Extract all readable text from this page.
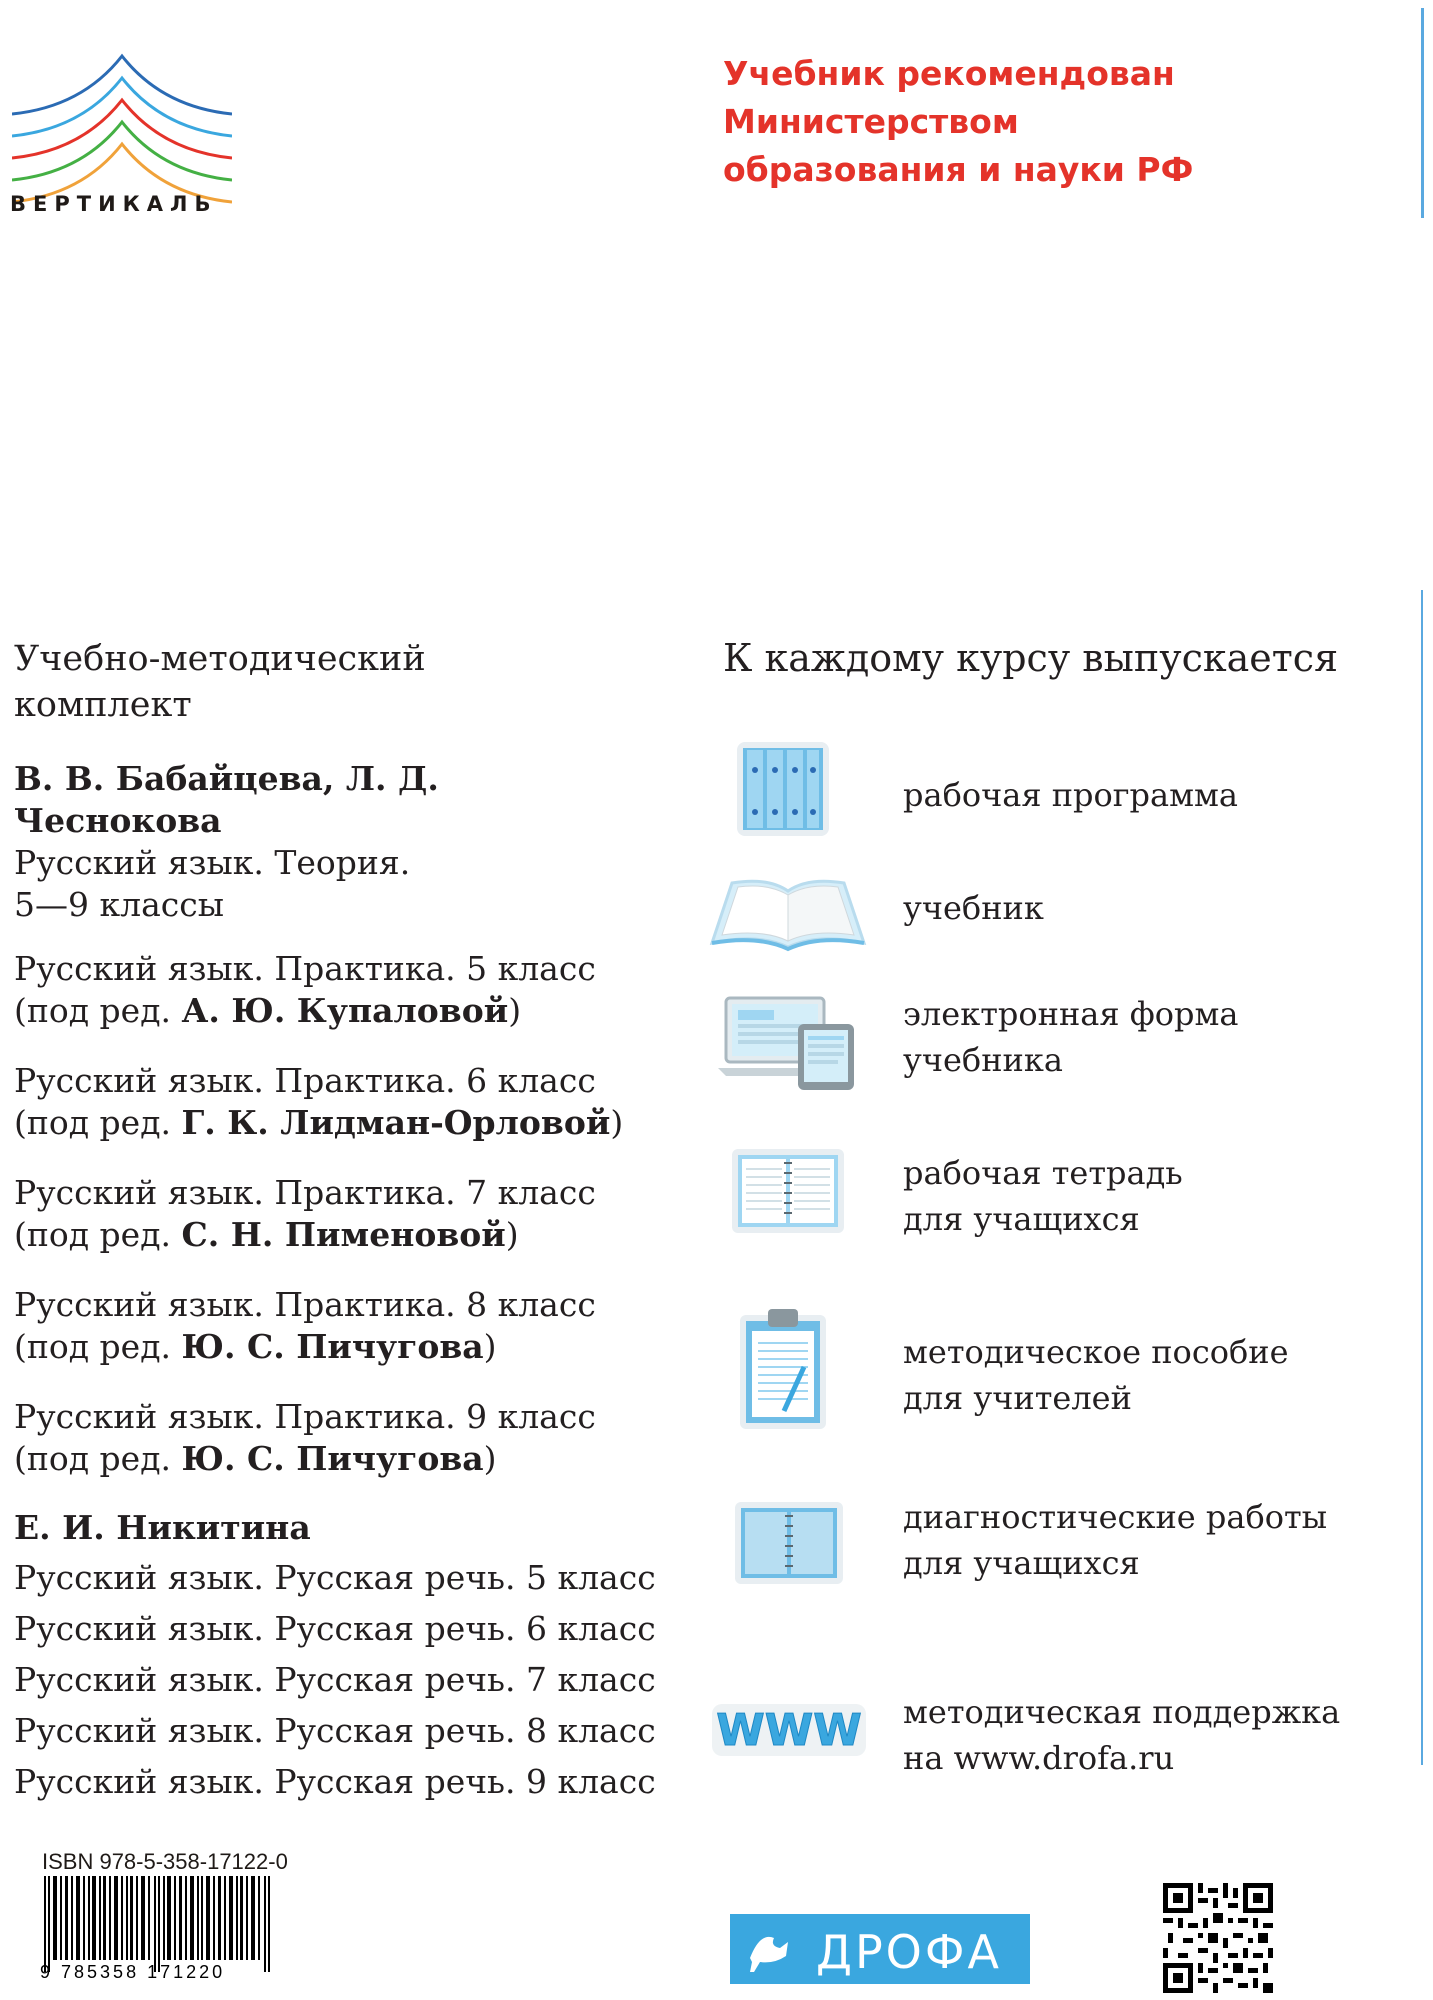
ВЕРТИКАЛЬ
Учебник рекомендован
Министерством
образования и науки РФ
Учебно-методический
комплект
В. В. Бабайцева, Л. Д. Чеснокова
Русский язык. Теория.
5—9 классы
Русский язык. Практика. 5 класс
(под ред. А. Ю. Купаловой)
Русский язык. Практика. 6 класс
(под ред. Г. К. Лидман-Орловой)
Русский язык. Практика. 7 класс
(под ред. С. Н. Пименовой)
Русский язык. Практика. 8 класс
(под ред. Ю. С. Пичугова)
Русский язык. Практика. 9 класс
(под ред. Ю. С. Пичугова)
Е. И. Никитина
Русский язык. Русская речь. 5 класс
Русский язык. Русская речь. 6 класс
Русский язык. Русская речь. 7 класс
Русский язык. Русская речь. 8 класс
Русский язык. Русская речь. 9 класс
К каждому курсу выпускается
WWW
рабочая программа
учебник
электронная форма
учебника
рабочая тетрадь
для учащихся
методическое пособие
для учителей
диагностические работы
для учащихся
методическая поддержка
на www.drofa.ru
ISBN 978-5-358-17122-0
9 785358 171220	ДРОФА
